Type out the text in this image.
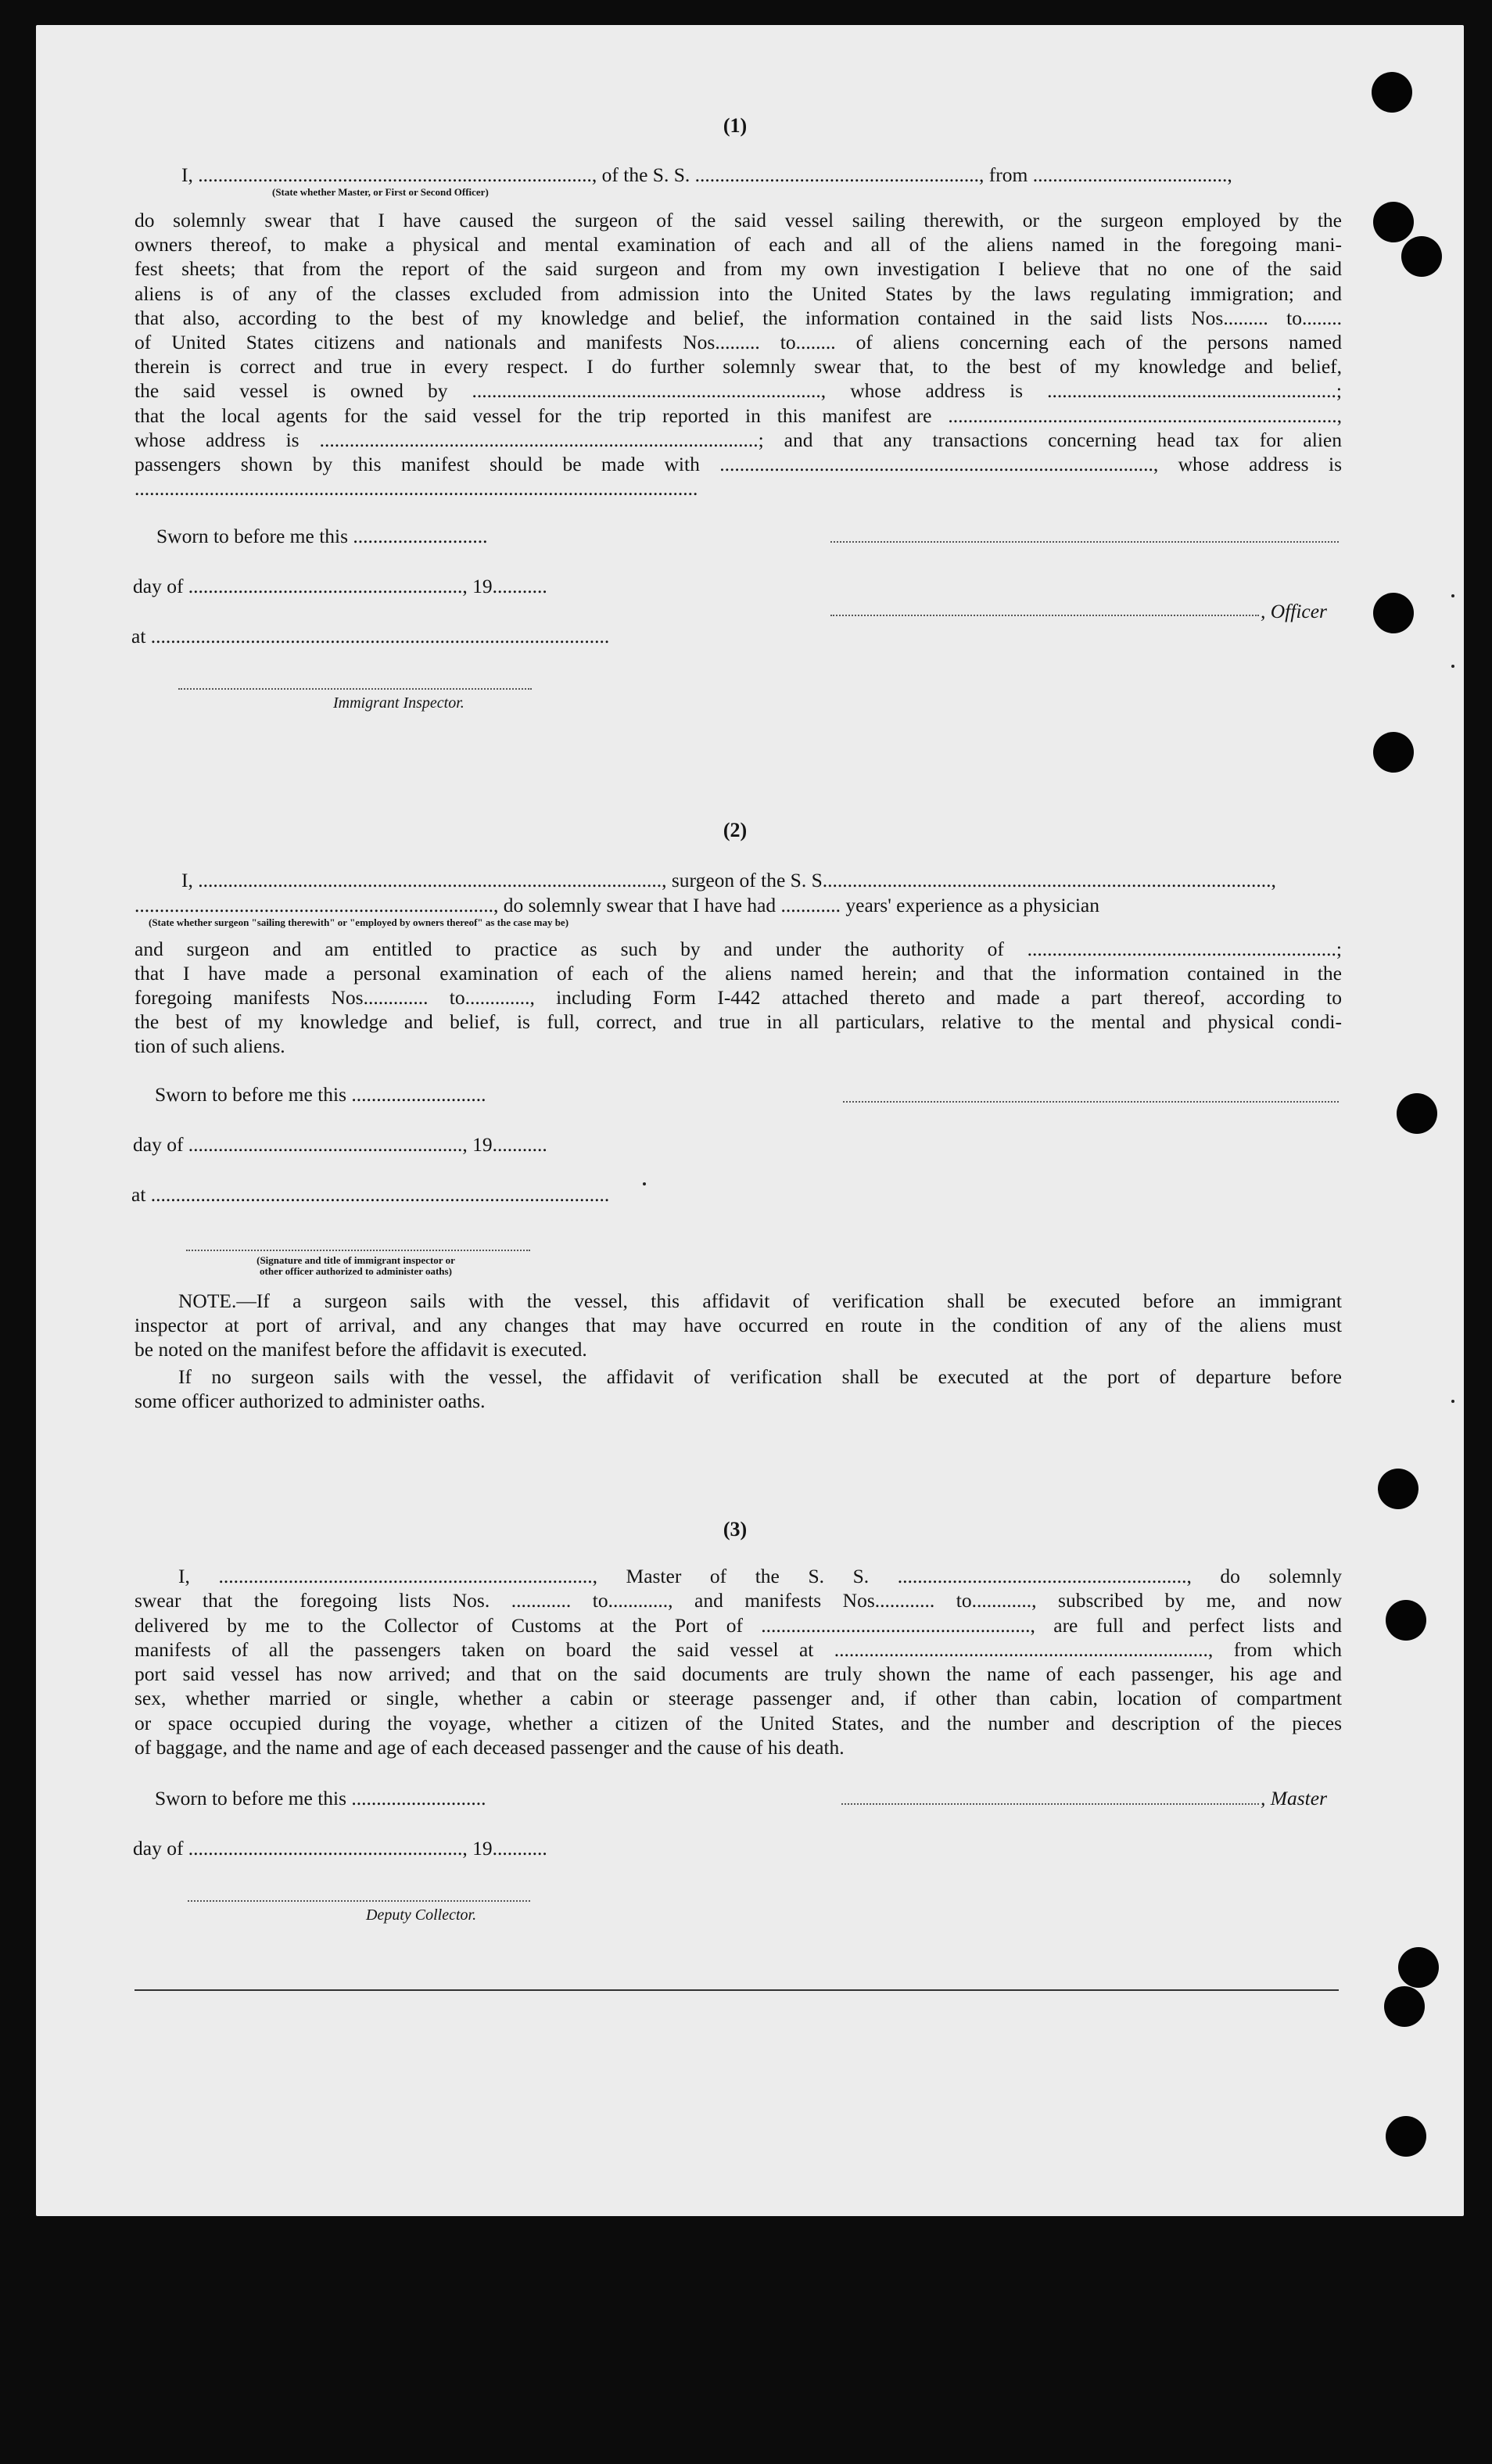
(1)
I, ..............................................................................., of the S. S. ........................................................., from .......................................,
(State whether Master, or First or Second Officer)
do solemnly swear that I have caused the surgeon of the said vessel sailing therewith, or the surgeon employed by the
owners thereof, to make a physical and mental examination of each and all of the aliens named in the foregoing mani-
fest sheets; that from the report of the said surgeon and from my own investigation I believe that no one of the said
aliens is of any of the classes excluded from admission into the United States by the laws regulating immigration; and
that also, according to the best of my knowledge and belief, the information contained in the said lists Nos......... to........
of United States citizens and nationals and manifests Nos......... to........ of aliens concerning each of the persons named
therein is correct and true in every respect. I do further solemnly swear that, to the best of my knowledge and belief,
the said vessel is owned by ......................................................................, whose address is ..........................................................;
that the local agents for the said vessel for the trip reported in this manifest are ..............................................................................,
whose address is ........................................................................................; and that any transactions concerning head tax for alien
passengers shown by this manifest should be made with ......................................................................................., whose address is
.................................................................................................................
Sworn to before me this ...........................
day of ......................................................., 19...........
, Officer
at ............................................................................................
Immigrant Inspector.
(2)
I, ............................................................................................., surgeon of the S. S..........................................................................................,
........................................................................, do solemnly swear that I have had ............ years' experience as a physician
(State whether surgeon "sailing therewith" or "employed by owners thereof" as the case may be)
and surgeon and am entitled to practice as such by and under the authority of ..............................................................;
that I have made a personal examination of each of the aliens named herein; and that the information contained in the
foregoing manifests Nos............. to............., including Form I-442 attached thereto and made a part thereof, according to
the best of my knowledge and belief, is full, correct, and true in all particulars, relative to the mental and physical condi-
tion of such aliens.
Sworn to before me this ...........................
day of ......................................................., 19...........
at ............................................................................................
(Signature and title of immigrant inspector or
other officer authorized to administer oaths)
NOTE.—If a surgeon sails with the vessel, this affidavit of verification shall be executed before an immigrant
inspector at port of arrival, and any changes that may have occurred en route in the condition of any of the aliens must
be noted on the manifest before the affidavit is executed.
If no surgeon sails with the vessel, the affidavit of verification shall be executed at the port of departure before
some officer authorized to administer oaths.
(3)
I, ..........................................................................., Master of the S. S. .........................................................., do solemnly
swear that the foregoing lists Nos. ............ to............, and manifests Nos............ to............, subscribed by me, and now
delivered by me to the Collector of Customs at the Port of ......................................................, are full and perfect lists and
manifests of all the passengers taken on board the said vessel at ..........................................................................., from which
port said vessel has now arrived; and that on the said documents are truly shown the name of each passenger, his age and
sex, whether married or single, whether a cabin or steerage passenger and, if other than cabin, location of compartment
or space occupied during the voyage, whether a citizen of the United States, and the number and description of the pieces
of baggage, and the name and age of each deceased passenger and the cause of his death.
Sworn to before me this ...........................	, Master
day of ......................................................., 19...........
Deputy Collector.
